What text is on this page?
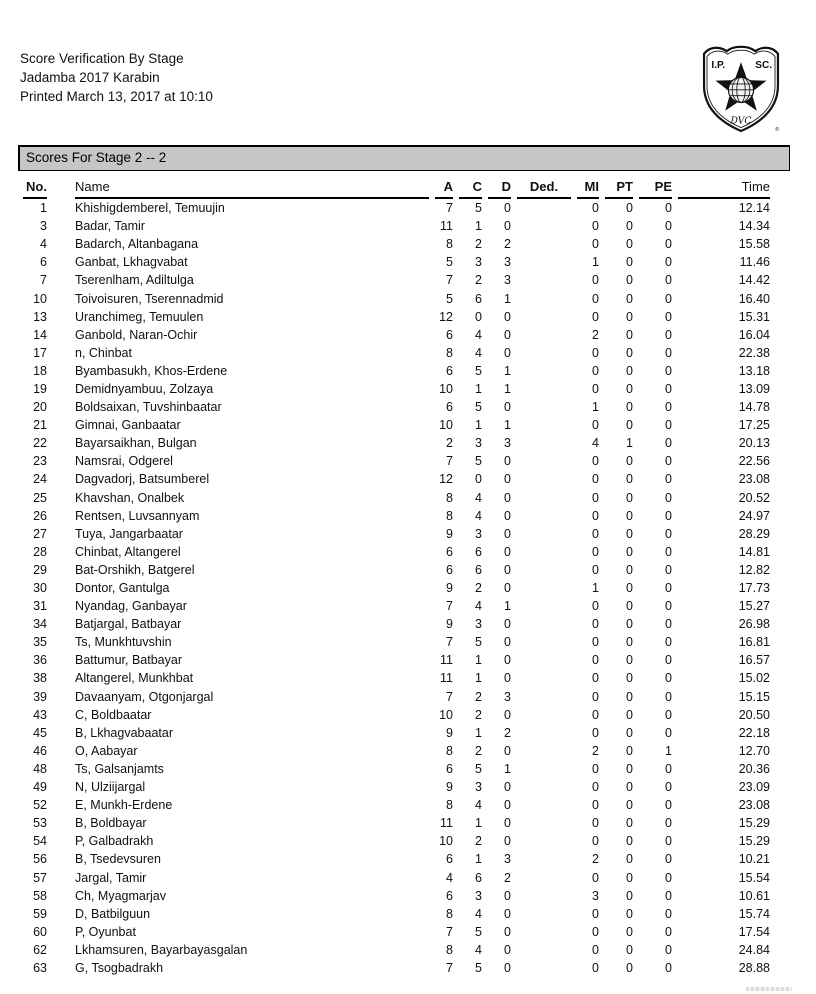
Score Verification By Stage
Jadamba 2017 Karabin
Printed March 13, 2017 at 10:10
I.P.	SC.
DVC
®
Scores For Stage 2 -- 2
No.	Name	A	C	D	Ded.	MI	PT	PE	Time

1	Khishigdemberel, Temuujin	7	5	0		0	0	0	12.14
3	Badar, Tamir	11	1	0		0	0	0	14.34
4	Badarch, Altanbagana	8	2	2		0	0	0	15.58
6	Ganbat, Lkhagvabat	5	3	3		1	0	0	11.46
7	Tserenlham, Adiltulga	7	2	3		0	0	0	14.42
10	Toivoisuren, Tserennadmid	5	6	1		0	0	0	16.40
13	Uranchimeg, Temuulen	12	0	0		0	0	0	15.31
14	Ganbold, Naran-Ochir	6	4	0		2	0	0	16.04
17	n, Chinbat	8	4	0		0	0	0	22.38
18	Byambasukh, Khos-Erdene	6	5	1		0	0	0	13.18
19	Demidnyambuu, Zolzaya	10	1	1		0	0	0	13.09
20	Boldsaixan, Tuvshinbaatar	6	5	0		1	0	0	14.78
21	Gimnai, Ganbaatar	10	1	1		0	0	0	17.25
22	Bayarsaikhan, Bulgan	2	3	3		4	1	0	20.13
23	Namsrai, Odgerel	7	5	0		0	0	0	22.56
24	Dagvadorj, Batsumberel	12	0	0		0	0	0	23.08
25	Khavshan, Onalbek	8	4	0		0	0	0	20.52
26	Rentsen, Luvsannyam	8	4	0		0	0	0	24.97
27	Tuya, Jangarbaatar	9	3	0		0	0	0	28.29
28	Chinbat, Altangerel	6	6	0		0	0	0	14.81
29	Bat-Orshikh, Batgerel	6	6	0		0	0	0	12.82
30	Dontor, Gantulga	9	2	0		1	0	0	17.73
31	Nyandag, Ganbayar	7	4	1		0	0	0	15.27
34	Batjargal, Batbayar	9	3	0		0	0	0	26.98
35	Ts, Munkhtuvshin	7	5	0		0	0	0	16.81
36	Battumur, Batbayar	11	1	0		0	0	0	16.57
38	Altangerel, Munkhbat	11	1	0		0	0	0	15.02
39	Davaanyam, Otgonjargal	7	2	3		0	0	0	15.15
43	C, Boldbaatar	10	2	0		0	0	0	20.50
45	B, Lkhagvabaatar	9	1	2		0	0	0	22.18
46	O, Aabayar	8	2	0		2	0	1	12.70
48	Ts, Galsanjamts	6	5	1		0	0	0	20.36
49	N, Ulziijargal	9	3	0		0	0	0	23.09
52	E, Munkh-Erdene	8	4	0		0	0	0	23.08
53	B, Boldbayar	11	1	0		0	0	0	15.29
54	P, Galbadrakh	10	2	0		0	0	0	15.29
56	B, Tsedevsuren	6	1	3		2	0	0	10.21
57	Jargal, Tamir	4	6	2		0	0	0	15.54
58	Ch, Myagmarjav	6	3	0		3	0	0	10.61
59	D, Batbilguun	8	4	0		0	0	0	15.74
60	P, Oyunbat	7	5	0		0	0	0	17.54
62	Lkhamsuren, Bayarbayasgalan	8	4	0		0	0	0	24.84
63	G, Tsogbadrakh	7	5	0		0	0	0	28.88
